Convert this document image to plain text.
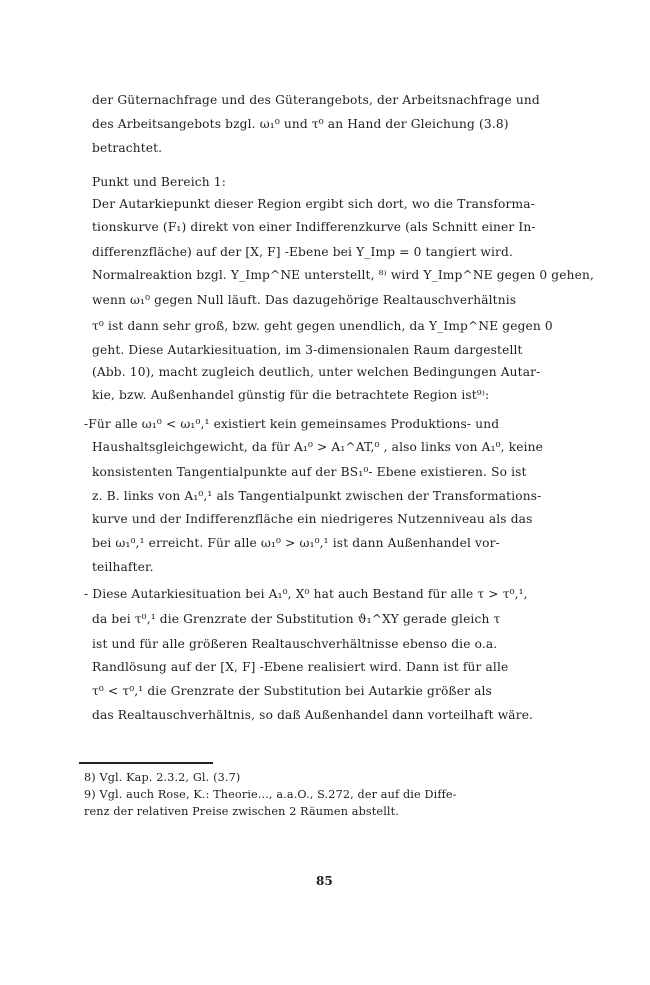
der Güternachfrage und des Güterangebots, der Arbeitsnachfrage und
des Arbeitsangebots bzgl. ω₁⁰ und τ⁰ an Hand der Gleichung (3.8)
betrachtet.
Punkt und Bereich 1:
Der Autarkiepunkt dieser Region ergibt sich dort, wo die Transforma-
tionskurve (F₁) direkt von einer Indifferenzkurve (als Schnitt einer In-
differenzfläche) auf der [X, F] -Ebene bei Y_Imp = 0 tangiert wird.
Normalreaktion bzgl. Y_Imp^NE unterstellt, ⁸⁾ wird Y_Imp^NE gegen 0 gehen,
wenn ω₁⁰ gegen Null läuft. Das dazugehörige Realtauschverhältnis
τ⁰ ist dann sehr groß, bzw. geht gegen unendlich, da Y_Imp^NE gegen 0
geht. Diese Autarkiesituation, im 3-dimensionalen Raum dargestellt
(Abb. 10), macht zugleich deutlich, unter welchen Bedingungen Autar-
kie, bzw. Außenhandel günstig für die betrachtete Region ist⁹⁾:
-Für alle ω₁⁰ < ω₁⁰,¹ existiert kein gemeinsames Produktions- und
Haushaltsgleichgewicht, da für A₁⁰ > A₁^AT,⁰ , also links von A₁⁰, keine
konsistenten Tangentialpunkte auf der BS₁⁰- Ebene existieren. So ist
z. B. links von A₁⁰,¹ als Tangentialpunkt zwischen der Transformations-
kurve und der Indifferenzfläche ein niedrigeres Nutzenniveau als das
bei ω₁⁰,¹ erreicht. Für alle ω₁⁰ > ω₁⁰,¹ ist dann Außenhandel vor-
teilhafter.
- Diese Autarkiesituation bei A₁⁰, X⁰ hat auch Bestand für alle τ > τ⁰,¹,
da bei τ⁰,¹ die Grenzrate der Substitution ϑ₁^XY gerade gleich τ
ist und für alle größeren Realtauschverhältnisse ebenso die o.a.
Randlösung auf der [X, F] -Ebene realisiert wird. Dann ist für alle
τ⁰ < τ⁰,¹ die Grenzrate der Substitution bei Autarkie größer als
das Realtauschverhältnis, so daß Außenhandel dann vorteilhaft wäre.
8) Vgl. Kap. 2.3.2, Gl. (3.7)
9) Vgl. auch Rose, K.: Theorie..., a.a.O., S.272, der auf die Diffe-
renz der relativen Preise zwischen 2 Räumen abstellt.
85
